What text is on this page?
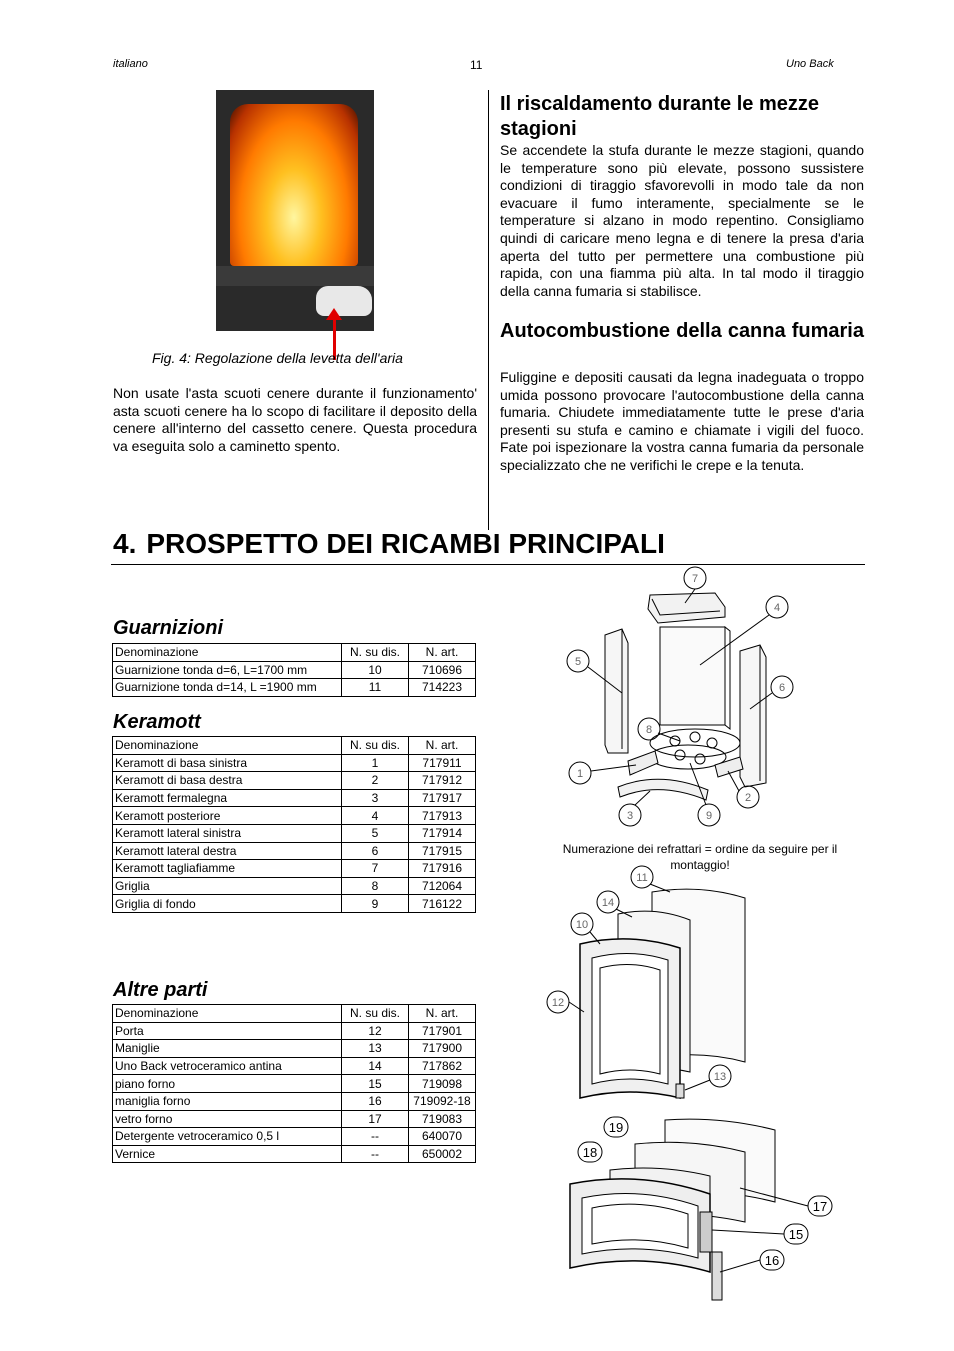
italiano	11	Uno Back
Fig. 4: Regolazione della levetta dell'aria
Non usate l'asta scuoti cenere durante il funzionamento' asta scuoti cenere ha lo scopo di facilitare il deposito della cenere all'interno del cassetto cenere. Questa procedura va eseguita solo a caminetto spento.
Il riscaldamento durante le mezze stagioni
Se accendete la stufa durante le mezze stagioni, quando le temperature sono più elevate, possono sussistere condizioni di tiraggio sfavorevolli in modo tale da non evacuare il fumo interamente, specialmente se le temperature si alzano in modo repentino. Consigliamo quindi di caricare meno legna e di tenere la presa d'aria aperta del tutto per permettere una combustione più rapida, con una fiamma più alta. In tal modo il tiraggio della canna fumaria si stabilisce.
Autocombustione della canna fumaria
Fuliggine e depositi causati da legna inadeguata o troppo umida possono provocare l'autocombustione della canna fumaria. Chiudete immediatamente tutte le prese d'aria presenti su stufa e camino e chiamate i vigili del fuoco. Fate poi ispezionare la vostra canna fumaria da personale specializzato che ne verifichi le crepe e la tenuta.
4. PROSPETTO DEI RICAMBI PRINCIPALI
Guarnizioni
Denominazione	N. su dis.	N. art.
Guarnizione tonda d=6, L=1700 mm	10	710696
Guarnizione tonda d=14, L =1900 mm	11	714223
Keramott
Denominazione	N. su dis.	N. art.
Keramott di basa sinistra	1	717911
Keramott di basa destra	2	717912
Keramott fermalegna	3	717917
Keramott posteriore	4	717913
Keramott lateral sinistra	5	717914
Keramott lateral destra	6	717915
Keramott tagliafiamme	7	717916
Griglia	8	712064
Griglia di fondo	9	716122
Altre parti
Denominazione	N. su dis.	N. art.
Porta	12	717901
Maniglie	13	717900
Uno Back vetroceramico antina	14	717862
piano forno	15	719098
maniglia forno	16	719092-18
vetro forno	17	719083
Detergente vetroceramico 0,5 l	--	640070
Vernice	--	650002
7
4
5
6
8
1
2
3	9
Numerazione dei refrattari = ordine da seguire per il montaggio!
11
14
10
12
13
19
18
17
15
16
